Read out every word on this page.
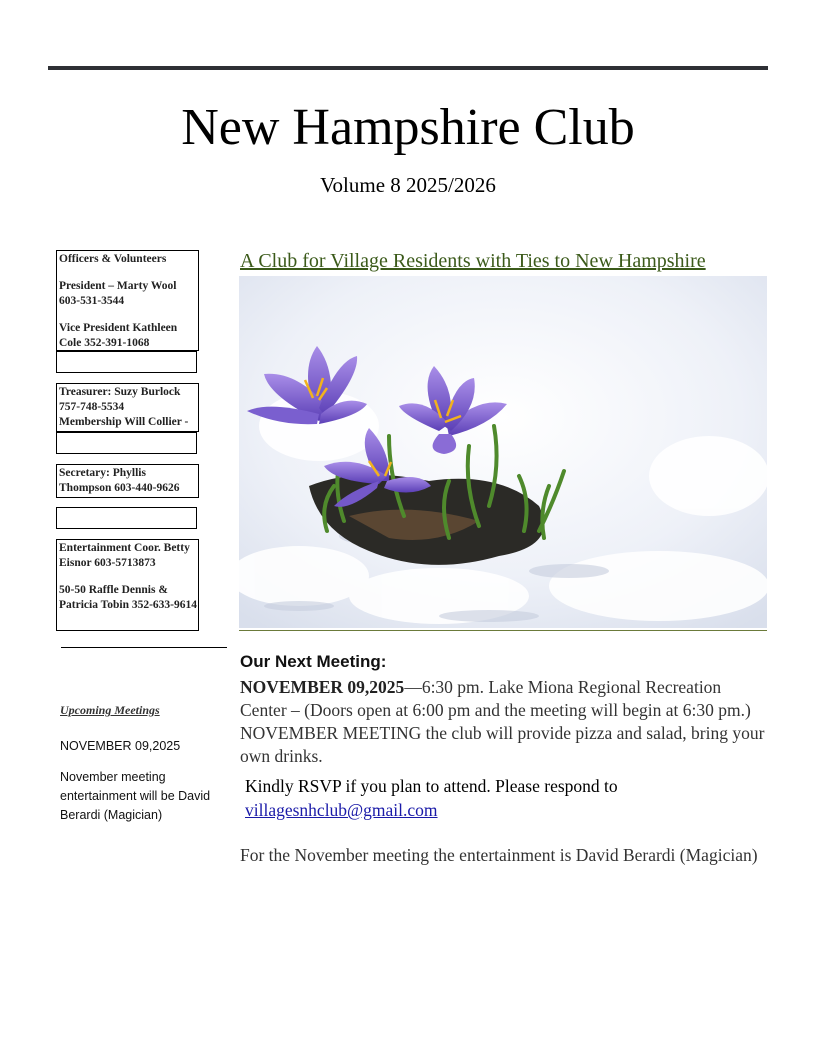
New Hampshire Club
Volume 8 2025/2026

Officers & Volunteers

President – Marty Wool 603-531-3544

Vice President Kathleen Cole 352-391-1068

Treasurer: Suzy Burlock 757-748-5534

Membership Will Collier -

Secretary: Phyllis Thompson 603-440-9626

Entertainment Coor. Betty Eisnor 603-5713873

50-50 Raffle Dennis & Patricia Tobin 352-633-9614

Upcoming Meetings
NOVEMBER 09,2025
November meeting entertainment will be David Berardi (Magician)
A Club for Village Residents with Ties to New Hampshire
Our Next Meeting:

NOVEMBER 09,2025—6:30 pm. Lake Miona Regional Recreation Center – (Doors open at 6:00 pm and the meeting will begin at 6:30 pm.) NOVEMBER MEETING the club will provide pizza and salad, bring your own drinks.

Kindly RSVP if you plan to attend. Please respond to
villagesnhclub@gmail.com

For the November meeting the entertainment is David Berardi (Magician)
